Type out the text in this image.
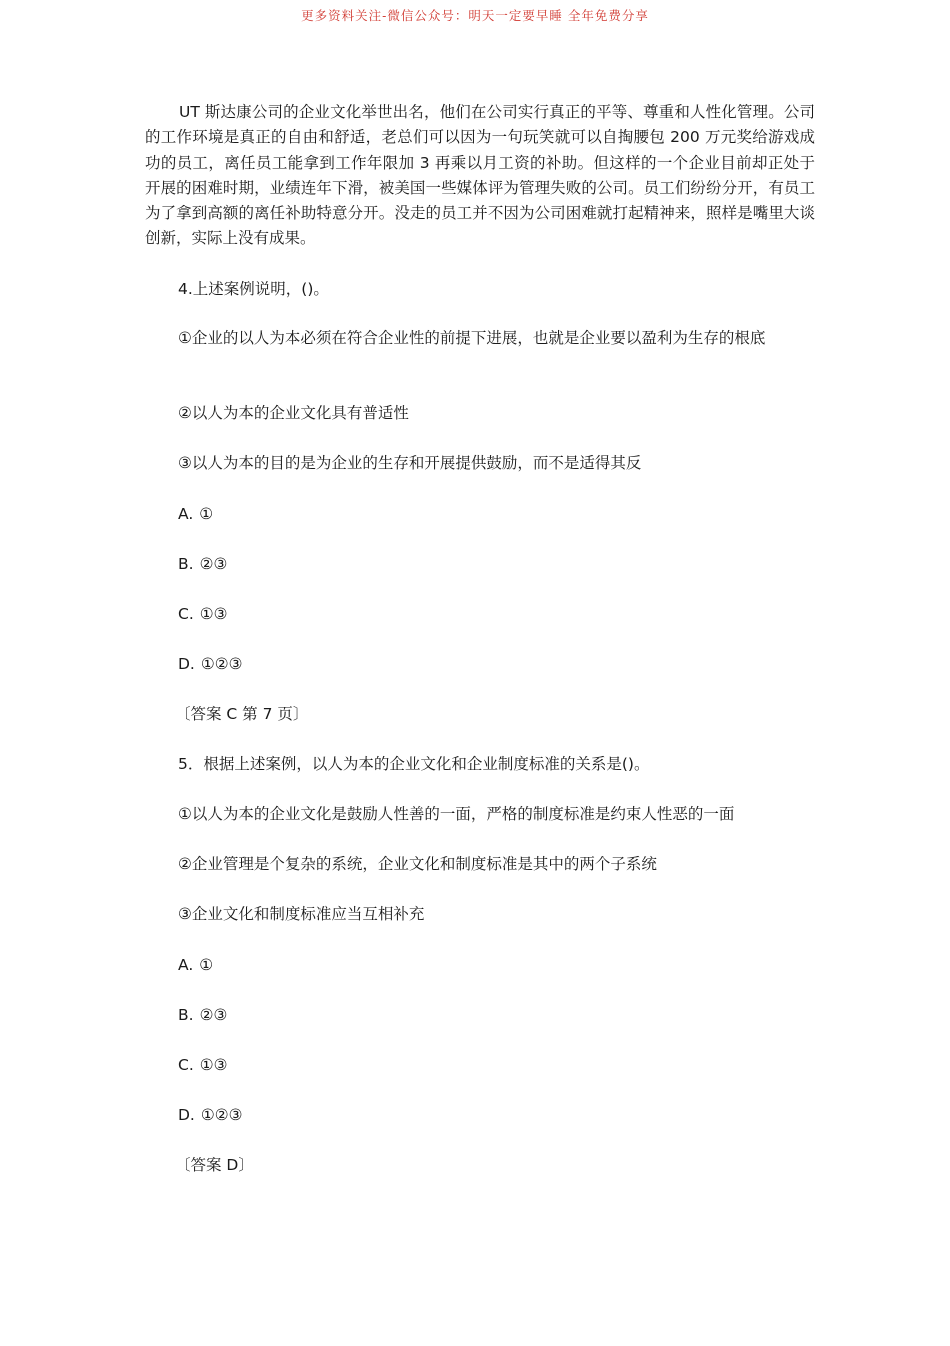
更多资料关注-微信公众号：明天一定要早睡 全年免费分享

UT 斯达康公司的企业文化举世出名，他们在公司实行真正的平等、尊重和人性化管理。公司的工作环境是真正的自由和舒适，老总们可以因为一句玩笑就可以自掏腰包 200 万元奖给游戏成功的员工，离任员工能拿到工作年限加 3 再乘以月工资的补助。但这样的一个企业目前却正处于开展的困难时期，业绩连年下滑，被美国一些媒体评为管理失败的公司。员工们纷纷分开，有员工为了拿到高额的离任补助特意分开。没走的员工并不因为公司困难就打起精神来，照样是嘴里大谈创新，实际上没有成果。

4.上述案例说明，()。

①企业的以人为本必须在符合企业性的前提下进展，也就是企业要以盈利为生存的根底

②以人为本的企业文化具有普适性
③以人为本的目的是为企业的生存和开展提供鼓励，而不是适得其反
A. ①
B. ②③
C. ①③
D. ①②③
〔答案 C 第 7 页〕
5．根据上述案例，以人为本的企业文化和企业制度标准的关系是()。
①以人为本的企业文化是鼓励人性善的一面，严格的制度标准是约束人性恶的一面
②企业管理是个复杂的系统，企业文化和制度标准是其中的两个子系统
③企业文化和制度标准应当互相补充
A. ①
B. ②③
C. ①③
D. ①②③
〔答案 D〕
